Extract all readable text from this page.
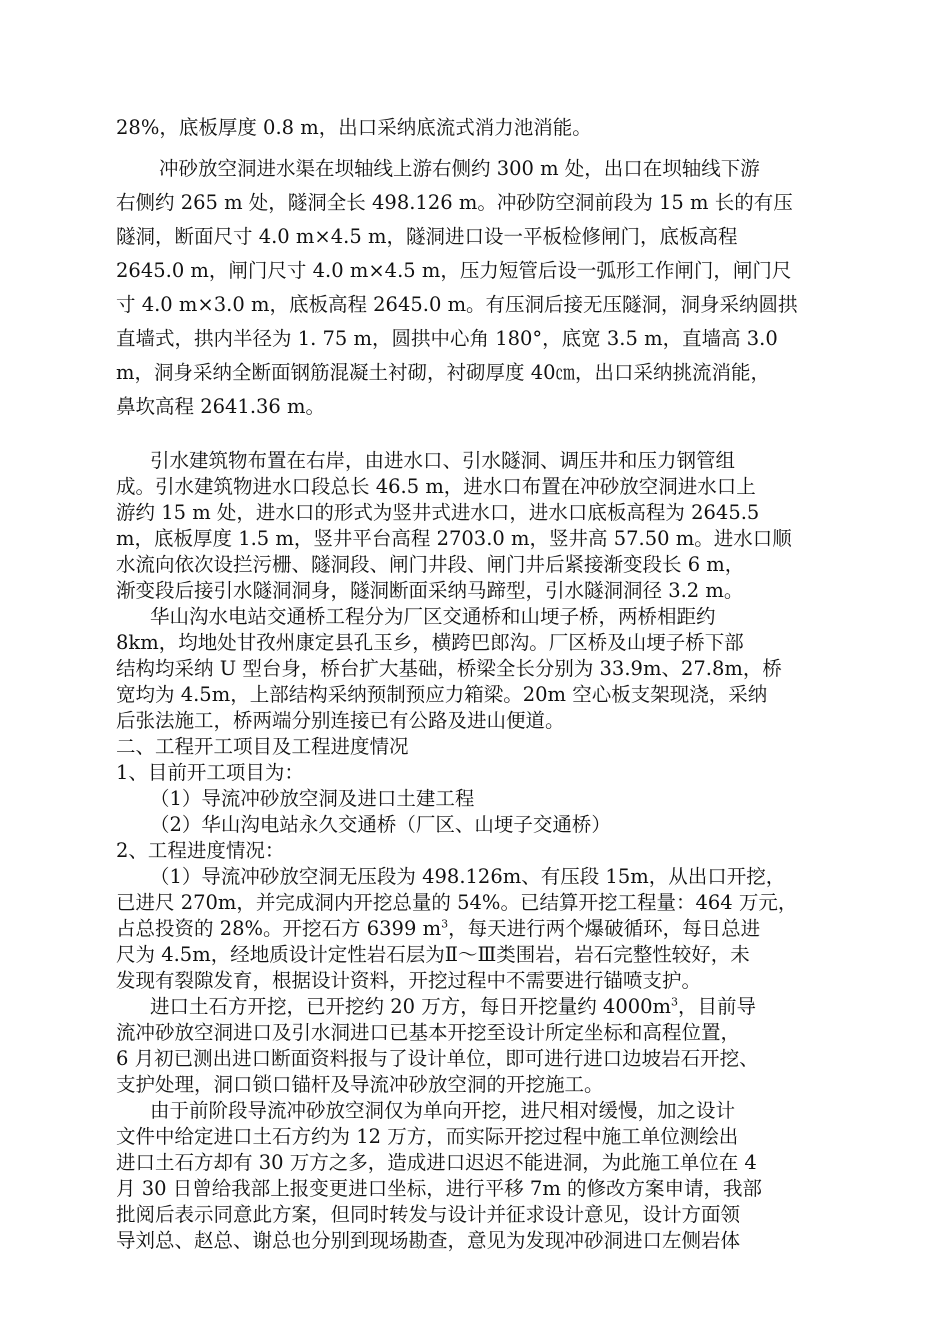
28%，底板厚度 0.8 m，出口采纳底流式消力池消能。
冲砂放空洞进水渠在坝轴线上游右侧约 300 m 处，出口在坝轴线下游
右侧约 265 m 处，隧洞全长 498.126 m。冲砂防空洞前段为 15 m 长的有压
隧洞，断面尺寸 4.0 m×4.5 m，隧洞进口设一平板检修闸门，底板高程
2645.0 m，闸门尺寸 4.0 m×4.5 m，压力短管后设一弧形工作闸门，闸门尺
寸 4.0 m×3.0 m，底板高程 2645.0 m。有压洞后接无压隧洞，洞身采纳圆拱
直墙式，拱内半径为 1. 75 m，圆拱中心角 180°，底宽 3.5 m，直墙高 3.0
m，洞身采纳全断面钢筋混凝土衬砌，衬砌厚度 40㎝，出口采纳挑流消能，
鼻坎高程 2641.36 m。
引水建筑物布置在右岸，由进水口、引水隧洞、调压井和压力钢管组
成。引水建筑物进水口段总长 46.5 m，进水口布置在冲砂放空洞进水口上
游约 15 m 处，进水口的形式为竖井式进水口，进水口底板高程为 2645.5
m，底板厚度 1.5 m，竖井平台高程 2703.0 m，竖井高 57.50 m。进水口顺
水流向依次设拦污栅、隧洞段、闸门井段、闸门井后紧接渐变段长 6 m，
渐变段后接引水隧洞洞身，隧洞断面采纳马蹄型，引水隧洞洞径 3.2 m。
华山沟水电站交通桥工程分为厂区交通桥和山埂子桥，两桥相距约
8km，均地处甘孜州康定县孔玉乡，横跨巴郎沟。厂区桥及山埂子桥下部
结构均采纳 U 型台身，桥台扩大基础，桥梁全长分别为 33.9m、27.8m，桥
宽均为 4.5m，上部结构采纳预制预应力箱梁。20m 空心板支架现浇，采纳
后张法施工，桥两端分别连接已有公路及进山便道。
二、工程开工项目及工程进度情况
1、目前开工项目为：
（1）导流冲砂放空洞及进口土建工程
（2）华山沟电站永久交通桥（厂区、山埂子交通桥）
2、工程进度情况：
（1）导流冲砂放空洞无压段为 498.126m、有压段 15m，从出口开挖，
已进尺 270m，并完成洞内开挖总量的 54%。已结算开挖工程量：464 万元，
占总投资的 28%。开挖石方 6399 $m^3$，每天进行两个爆破循环，每日总进
尺为 4.5m，经地质设计定性岩石层为Ⅱ～Ⅲ类围岩，岩石完整性较好，未
发现有裂隙发育，根据设计资料，开挖过程中不需要进行锚喷支护。
进口土石方开挖，已开挖约 20 万方，每日开挖量约 $4000m^3$，目前导
流冲砂放空洞进口及引水洞进口已基本开挖至设计所定坐标和高程位置，
6 月初已测出进口断面资料报与了设计单位，即可进行进口边坡岩石开挖、
支护处理，洞口锁口锚杆及导流冲砂放空洞的开挖施工。
由于前阶段导流冲砂放空洞仅为单向开挖，进尺相对缓慢，加之设计
文件中给定进口土石方约为 12 万方，而实际开挖过程中施工单位测绘出
进口土石方却有 30 万方之多，造成进口迟迟不能进洞，为此施工单位在 4
月 30 日曾给我部上报变更进口坐标，进行平移 7m 的修改方案申请，我部
批阅后表示同意此方案，但同时转发与设计并征求设计意见，设计方面领
导刘总、赵总、谢总也分别到现场勘查，意见为发现冲砂洞进口左侧岩体
